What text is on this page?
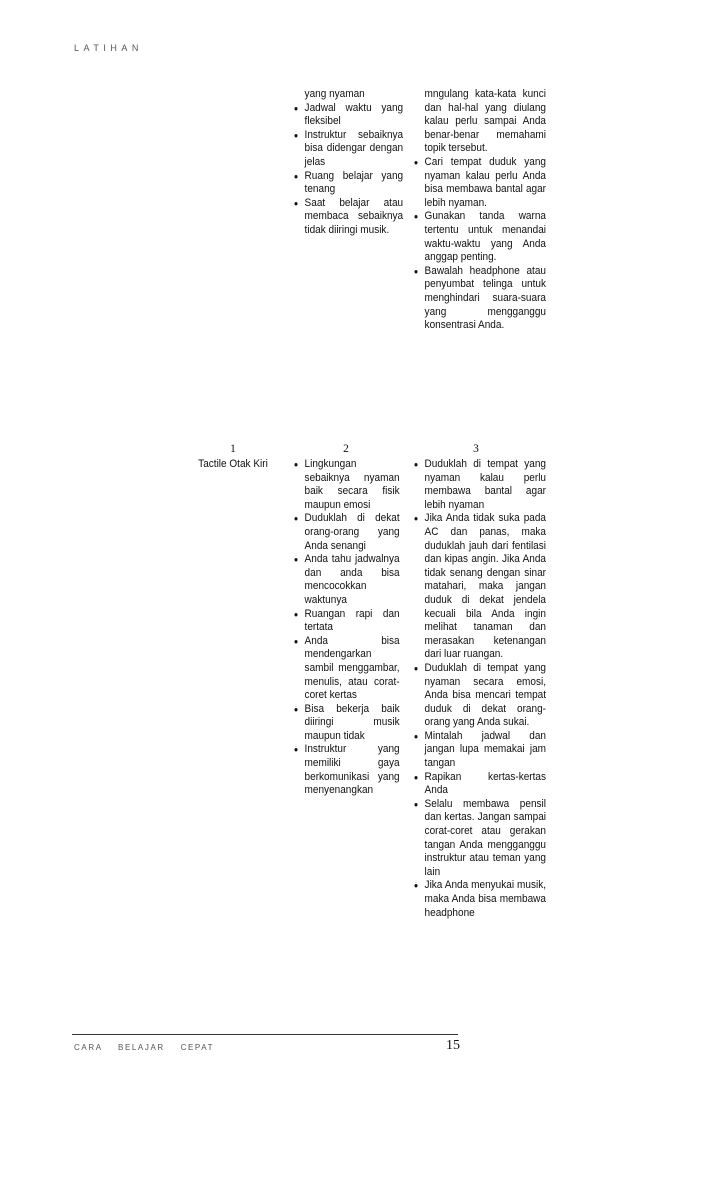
LATIHAN

yang nyaman

• Jadwal waktu yang fleksibel
• Instruktur sebaiknya bisa didengar dengan jelas
• Ruang belajar yang tenang
• Saat belajar atau membaca sebaiknya tidak diiringi musik.

mngulang kata-kata kunci dan hal-hal yang diulang kalau perlu sampai Anda benar-benar memahami topik tersebut.

• Cari tempat duduk yang nyaman kalau perlu Anda bisa membawa bantal agar lebih nyaman.
• Gunakan tanda warna tertentu untuk menandai waktu-waktu yang Anda anggap penting.
• Bawalah headphone atau penyumbat telinga untuk menghindari suara-suara yang mengganggu konsentrasi Anda.
1	2	3
Tactile Otak Kiri
•	Lingkungan sebaiknya nyaman baik secara fisik maupun emosi
• Duduklah di dekat orang-orang yang Anda senangi
• Anda tahu jadwalnya dan anda bisa mencocokkan waktunya
• Ruangan rapi dan tertata
• Anda bisa mendengarkan sambil menggambar, menulis, atau corat-coret kertas
• Bisa bekerja baik diiringi musik maupun tidak
• Instruktur yang memiliki gaya berkomunikasi yang menyenangkan
• Duduklah di tempat yang nyaman kalau perlu membawa bantal agar lebih nyaman
• Jika Anda tidak suka pada AC dan panas, maka duduklah jauh dari fentilasi dan kipas angin. Jika Anda tidak senang dengan sinar matahari, maka jangan duduk di dekat jendela kecuali bila Anda ingin melihat tanaman dan merasakan ketenangan dari luar ruangan.
• Duduklah di tempat yang nyaman secara emosi, Anda bisa mencari tempat duduk di dekat orang-orang yang Anda sukai.
• Mintalah jadwal dan jangan lupa memakai jam tangan
• Rapikan kertas-kertas Anda
• Selalu membawa pensil dan kertas. Jangan sampai corat-coret atau gerakan tangan Anda mengganggu instruktur atau teman yang lain
• Jika Anda menyukai musik, maka Anda bisa membawa headphone
CARA BELAJAR CEPAT	15
